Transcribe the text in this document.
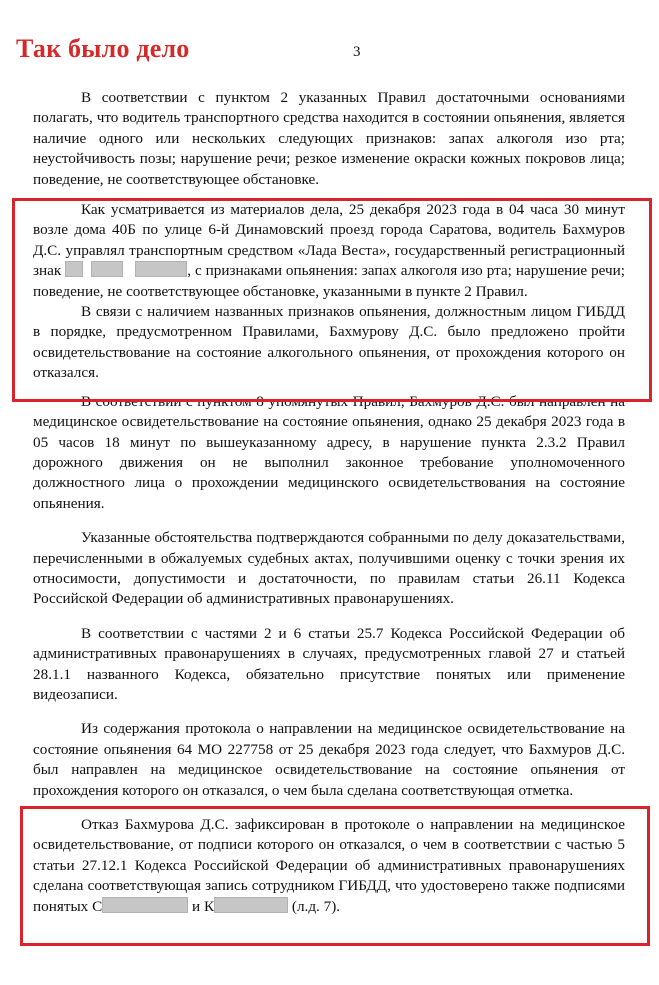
Так было дело	3

В соответствии с пунктом 2 указанных Правил достаточными основаниями полагать, что водитель транспортного средства находится в состоянии опьянения, является наличие одного или нескольких следующих признаков: запах алкоголя изо рта; неустойчивость позы; нарушение речи; резкое изменение окраски кожных покровов лица; поведение, не соответствующее обстановке.

Как усматривается из материалов дела, 25 декабря 2023 года в 04 часа 30 минут возле дома 40Б по улице 6-й Динамовский проезд города Саратова, водитель Бахмуров Д.С. управлял транспортным средством «Лада Веста», государственный регистрационный знак	, с признаками опьянения: запах алкоголя изо рта; нарушение речи; поведение, не соответствующее обстановке, указанными в пункте 2 Правил.

В связи с наличием названных признаков опьянения, должностным лицом ГИБДД в порядке, предусмотренном Правилами, Бахмурову Д.С. было предложено пройти освидетельствование на состояние алкогольного опьянения, от прохождения которого он отказался.

В соответствии с пунктом 8 упомянутых Правил, Бахмуров Д.С. был направлен на медицинское освидетельствование на состояние опьянения, однако 25 декабря 2023 года в 05 часов 18 минут по вышеуказанному адресу, в нарушение пункта 2.3.2 Правил дорожного движения он не выполнил законное требование уполномоченного должностного лица о прохождении медицинского освидетельствования на состояние опьянения.

Указанные обстоятельства подтверждаются собранными по делу доказательствами, перечисленными в обжалуемых судебных актах, получившими оценку с точки зрения их относимости, допустимости и достаточности, по правилам статьи 26.11 Кодекса Российской Федерации об административных правонарушениях.

В соответствии с частями 2 и 6 статьи 25.7 Кодекса Российской Федерации об административных правонарушениях в случаях, предусмотренных главой 27 и статьей 28.1.1 названного Кодекса, обязательно присутствие понятых или применение видеозаписи.

Из содержания протокола о направлении на медицинское освидетельствование на состояние опьянения 64 МО 227758 от 25 декабря 2023 года следует, что Бахмуров Д.С. был направлен на медицинское освидетельствование на состояние опьянения от прохождения которого он отказался, о чем была сделана соответствующая отметка.

Отказ Бахмурова Д.С. зафиксирован в протоколе о направлении на медицинское освидетельствование, от подписи которого он отказался, о чем в соответствии с частью 5 статьи 27.12.1 Кодекса Российской Федерации об административных правонарушениях сделана соответствующая запись сотрудником ГИБДД, что удостоверено также подписями понятых С	и К	(л.д. 7).
